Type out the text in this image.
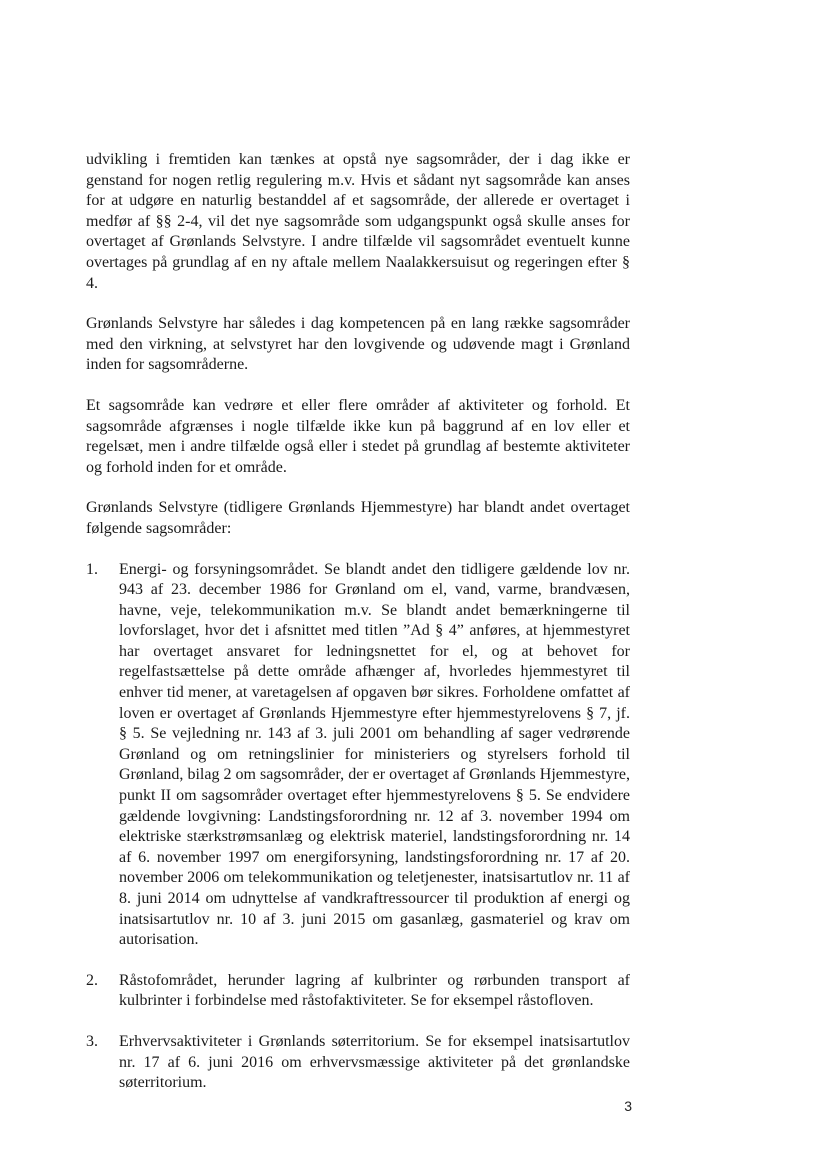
udvikling i fremtiden kan tænkes at opstå nye sagsområder, der i dag ikke er genstand for nogen retlig regulering m.v. Hvis et sådant nyt sagsområde kan anses for at udgøre en naturlig bestanddel af et sagsområde, der allerede er overtaget i medfør af §§ 2-4, vil det nye sagsområde som udgangspunkt også skulle anses for overtaget af Grønlands Selvstyre. I andre tilfælde vil sagsområdet eventuelt kunne overtages på grundlag af en ny aftale mellem Naalakkersuisut og regeringen efter § 4.

Grønlands Selvstyre har således i dag kompetencen på en lang række sagsområder med den virkning, at selvstyret har den lovgivende og udøvende magt i Grønland inden for sagsområderne.

Et sagsområde kan vedrøre et eller flere områder af aktiviteter og forhold. Et sagsområde afgrænses i nogle tilfælde ikke kun på baggrund af en lov eller et regelsæt, men i andre tilfælde også eller i stedet på grundlag af bestemte aktiviteter og forhold inden for et område.

Grønlands Selvstyre (tidligere Grønlands Hjemmestyre) har blandt andet overtaget følgende sagsområder:

1.	Energi- og forsyningsområdet. Se blandt andet den tidligere gældende lov nr. 943 af 23. december 1986 for Grønland om el, vand, varme, brandvæsen, havne, veje, telekommunikation m.v. Se blandt andet bemærkningerne til lovforslaget, hvor det i afsnittet med titlen ”Ad § 4” anføres, at hjemmestyret har overtaget ansvaret for ledningsnettet for el, og at behovet for regelfastsættelse på dette område afhænger af, hvorledes hjemmestyret til enhver tid mener, at varetagelsen af opgaven bør sikres. Forholdene omfattet af loven er overtaget af Grønlands Hjemmestyre efter hjemmestyrelovens § 7, jf. § 5. Se vejledning nr. 143 af 3. juli 2001 om behandling af sager vedrørende Grønland og om retningslinier for ministeriers og styrelsers forhold til Grønland, bilag 2 om sagsområder, der er overtaget af Grønlands Hjemmestyre, punkt II om sagsområder overtaget efter hjemmestyrelovens § 5. Se endvidere gældende lovgivning: Landstingsforordning nr. 12 af 3. november 1994 om elektriske stærkstrømsanlæg og elektrisk materiel, landstingsforordning nr. 14 af 6. november 1997 om energiforsyning, landstingsforordning nr. 17 af 20. november 2006 om telekommunikation og teletjenester, inatsisartutlov nr. 11 af 8. juni 2014 om udnyttelse af vandkraftressourcer til produktion af energi og inatsisartutlov nr. 10 af 3. juni 2015 om gasanlæg, gasmateriel og krav om autorisation.
2.	Råstofområdet, herunder lagring af kulbrinter og rørbunden transport af kulbrinter i forbindelse med råstofaktiviteter. Se for eksempel råstofloven.
3.	Erhvervsaktiviteter i Grønlands søterritorium. Se for eksempel inatsisartutlov nr. 17 af 6. juni 2016 om erhvervsmæssige aktiviteter på det grønlandske søterritorium.
3
